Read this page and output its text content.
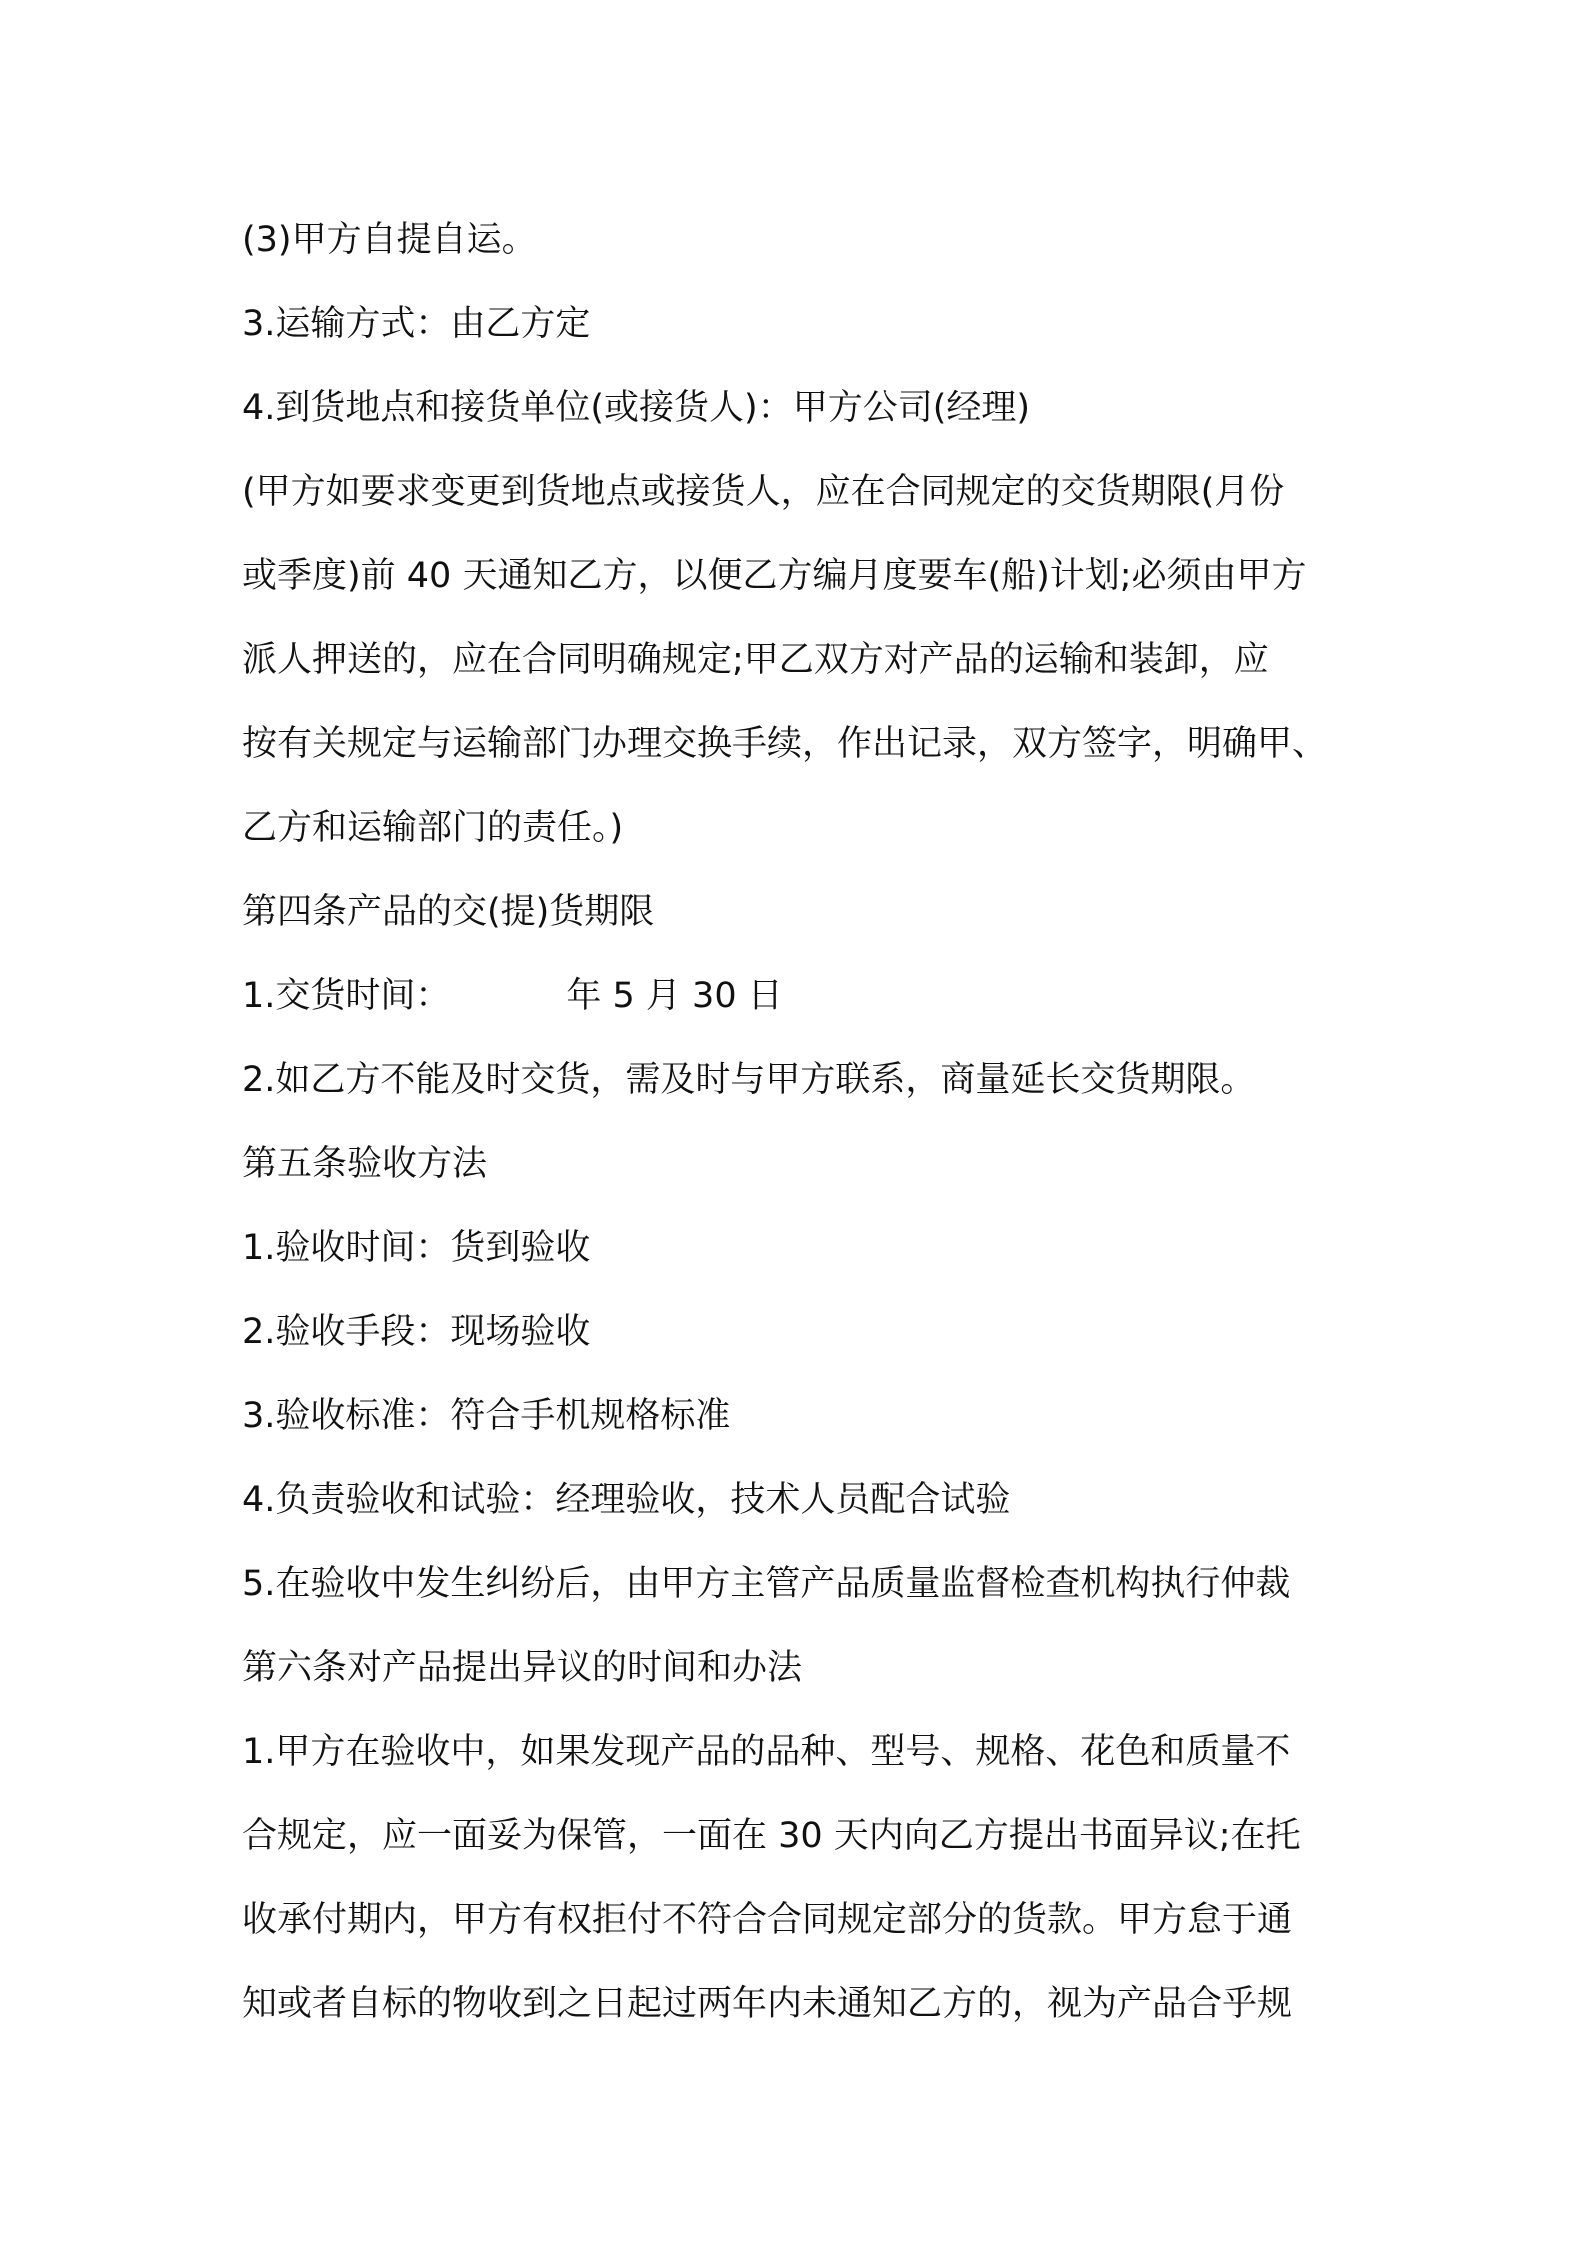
(3)甲方自提自运。
3.运输方式：由乙方定
4.到货地点和接货单位(或接货人)：甲方公司(经理)
(甲方如要求变更到货地点或接货人，应在合同规定的交货期限(月份
或季度)前 40 天通知乙方，以便乙方编月度要车(船)计划;必须由甲方
派人押送的，应在合同明确规定;甲乙双方对产品的运输和装卸，应
按有关规定与运输部门办理交换手续，作出记录，双方签字，明确甲、
乙方和运输部门的责任。)
第四条产品的交(提)货期限
1.交货时间：	年 5 月 30 日
2.如乙方不能及时交货，需及时与甲方联系，商量延长交货期限。
第五条验收方法
1.验收时间：货到验收
2.验收手段：现场验收
3.验收标准：符合手机规格标准
4.负责验收和试验：经理验收，技术人员配合试验
5.在验收中发生纠纷后，由甲方主管产品质量监督检查机构执行仲裁
第六条对产品提出异议的时间和办法
1.甲方在验收中，如果发现产品的品种、型号、规格、花色和质量不
合规定，应一面妥为保管，一面在 30 天内向乙方提出书面异议;在托
收承付期内，甲方有权拒付不符合合同规定部分的货款。甲方怠于通
知或者自标的物收到之日起过两年内未通知乙方的，视为产品合乎规
